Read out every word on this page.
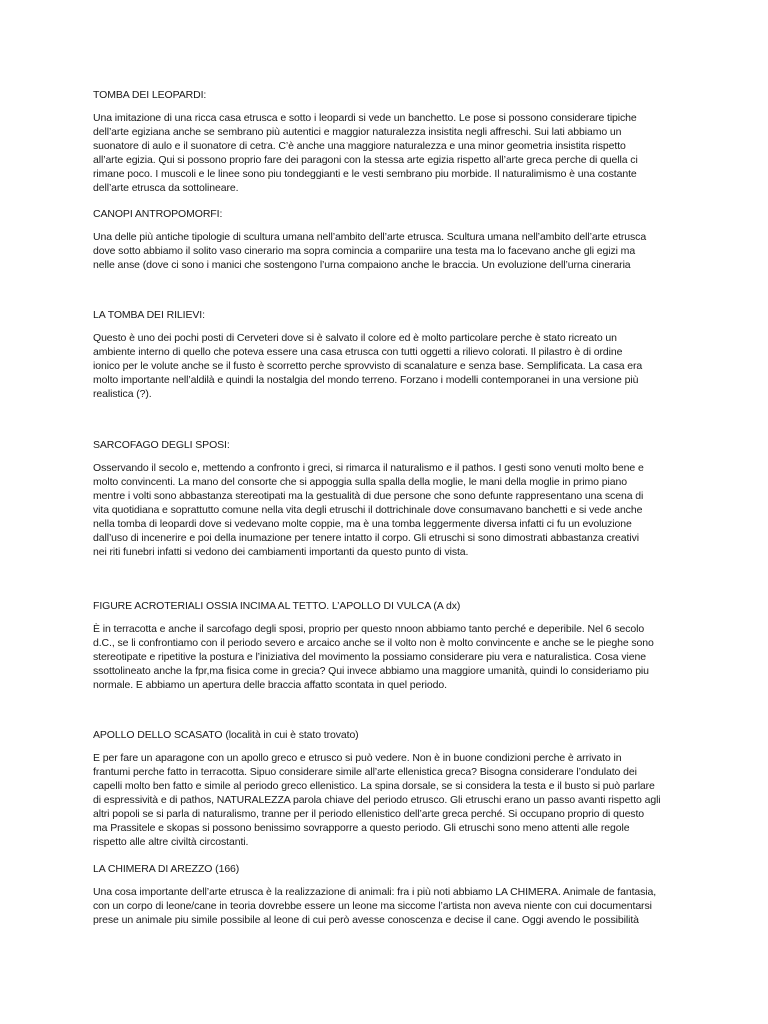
TOMBA DEI LEOPARDI:
Una imitazione di una ricca casa etrusca e sotto i leopardi si vede un banchetto. Le pose si possono considerare tipiche
dell’arte egiziana anche se sembrano più autentici e maggior naturalezza insistita negli affreschi. Sui lati abbiamo un
suonatore di aulo e il suonatore di cetra. C’è anche una maggiore naturalezza e una minor geometria insistita rispetto
all’arte egizia. Qui si possono proprio fare dei paragoni con la stessa arte egizia rispetto all’arte greca perche di quella ci
rimane poco. I muscoli e le linee sono piu tondeggianti e le vesti sembrano piu morbide. Il naturalimismo è una costante
dell’arte etrusca da sottolineare.
CANOPI ANTROPOMORFI:
Una delle più antiche tipologie di scultura umana nell’ambito dell’arte etrusca. Scultura umana nell’ambito dell’arte etrusca
dove sotto abbiamo il solito vaso cinerario ma sopra comincia a compariire una testa ma lo facevano anche gli egizi ma
nelle anse (dove ci sono i manici che sostengono l’urna compaiono anche le braccia. Un evoluzione dell’urna cineraria
LA TOMBA DEI RILIEVI:
Questo è uno dei pochi posti di Cerveteri dove si è salvato il colore ed è molto particolare perche è stato ricreato un
ambiente interno di quello che poteva essere una casa etrusca con tutti oggetti a rilievo colorati. Il pilastro è di ordine
ionico per le volute anche se il fusto è scorretto perche sprovvisto di scanalature e senza base. Semplificata. La casa era
molto importante nell’aldilà e quindi la nostalgia del mondo terreno. Forzano i modelli contemporanei in una versione più
realistica (?).
SARCOFAGO DEGLI SPOSI:
Osservando il secolo e, mettendo a confronto i greci, si rimarca il naturalismo e il pathos. I gesti sono venuti molto bene e
molto convincenti. La mano del consorte che si appoggia sulla spalla della moglie, le mani della moglie in primo piano
mentre i volti sono abbastanza stereotipati ma la gestualità di due persone che sono defunte rappresentano una scena di
vita quotidiana e soprattutto comune nella vita degli etruschi il dottrichinale dove consumavano banchetti e si vede anche
nella tomba di leopardi dove si vedevano molte coppie, ma è una tomba leggermente diversa infatti ci fu un evoluzione
dall’uso di incenerire e poi della inumazione per tenere intatto il corpo. Gli etruschi si sono dimostrati abbastanza creativi
nei riti funebri infatti si vedono dei cambiamenti importanti da questo punto di vista.
FIGURE ACROTERIALI OSSIA INCIMA AL TETTO. L’APOLLO DI VULCA (A dx)
È in terracotta e anche il sarcofago degli sposi, proprio per questo nnoon abbiamo tanto perché e deperibile. Nel 6 secolo
d.C., se li confrontiamo con il periodo severo e arcaico anche se il volto non è molto convincente e anche se le pieghe sono
stereotipate e ripetitive la postura e l’iniziativa del movimento la possiamo considerare piu vera e naturalistica. Cosa viene
ssottolineato anche la fpr,ma fisica come in grecia? Qui invece abbiamo una maggiore umanità, quindi lo consideriamo piu
normale. E abbiamo un apertura delle braccia affatto scontata in quel periodo.
APOLLO DELLO SCASATO (località in cui è stato trovato)
E per fare un aparagone con un apollo greco e etrusco si può vedere. Non è in buone condizioni perche è arrivato in
frantumi perche fatto in terracotta. Sipuo considerare simile all’arte ellenistica greca? Bisogna considerare l’ondulato dei
capelli molto ben fatto e simile al periodo greco ellenistico. La spina dorsale, se si considera la testa e il busto si può parlare
di espressività e di pathos, NATURALEZZA parola chiave del periodo etrusco. Gli etruschi erano un passo avanti rispetto agli
altri popoli se si parla di naturalismo, tranne per il periodo ellenistico dell’arte greca perché. Si occupano proprio di questo
ma Prassitele e skopas si possono benissimo sovrapporre a questo periodo. Gli etruschi sono meno attenti alle regole
rispetto alle altre civiltà circostanti.
LA CHIMERA DI AREZZO (166)
Una cosa importante dell’arte etrusca è la realizzazione di animali: fra i più noti abbiamo LA CHIMERA. Animale de fantasia,
con un corpo di leone/cane in teoria dovrebbe essere un leone ma siccome l’artista non aveva niente con cui documentarsi
prese un animale piu simile possibile al leone di cui però avesse conoscenza e decise il cane. Oggi avendo le possibilità
